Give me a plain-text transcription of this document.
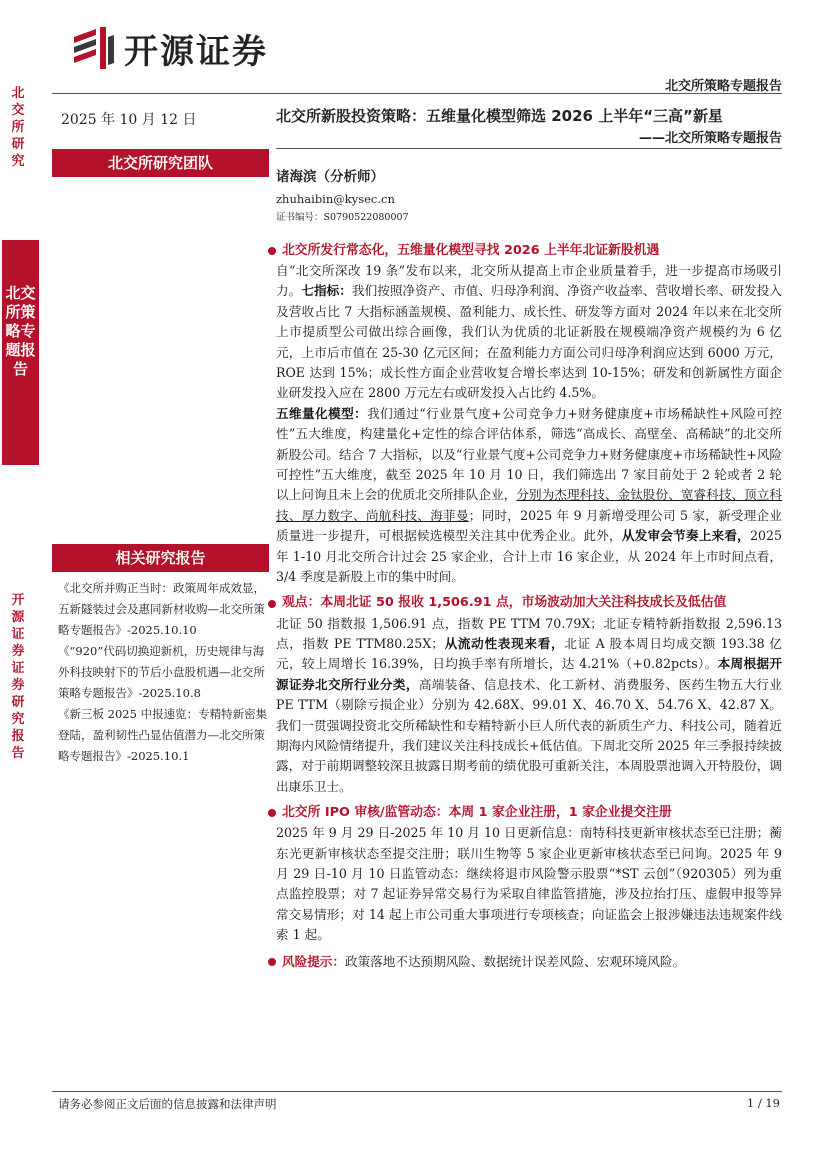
开源证券
北交所策略专题报告
北交所研究
北交所策略专题报告
开源证券 证券研究报告
2025 年 10 月 12 日
北交所研究团队
相关研究报告
《北交所并购正当时：政策周年成效显，五新隧装过会及惠同新材收购—北交所策略专题报告》-2025.10.10
《“920”代码切换迎新机，历史规律与海外科技映射下的节后小盘股机遇—北交所策略专题报告》-2025.10.8
《新三板 2025 中报速览：专精特新密集登陆，盈利韧性凸显估值潜力—北交所策略专题报告》-2025.10.1
北交所新股投资策略：五维量化模型筛选 2026 上半年“三高”新星
——北交所策略专题报告
诸海滨（分析师）
zhuhaibin@kysec.cn
证书编号：S0790522080007
北交所发行常态化，五维量化模型寻找 2026 上半年北证新股机遇

自“北交所深改 19 条”发布以来，北交所从提高上市企业质量着手，进一步提高市场吸引力。七指标：我们按照净资产、市值、归母净利润、净资产收益率、营收增长率、研发投入及营收占比 7 大指标涵盖规模、盈利能力、成长性、研发等方面对 2024 年以来在北交所上市提质型公司做出综合画像，我们认为优质的北证新股在规模端净资产规模约为 6 亿元，上市后市值在 25-30 亿元区间；在盈利能力方面公司归母净利润应达到 6000 万元，ROE 达到 15%；成长性方面企业营收复合增长率达到 10-15%；研发和创新属性方面企业研发投入应在 2800 万元左右或研发投入占比约 4.5%。

五维量化模型：我们通过“行业景气度+公司竞争力+财务健康度+市场稀缺性+风险可控性”五大维度，构建量化+定性的综合评估体系，筛选“高成长、高壁垒、高稀缺”的北交所新股公司。结合 7 大指标，以及“行业景气度+公司竞争力+财务健康度+市场稀缺性+风险可控性”五大维度，截至 2025 年 10 月 10 日，我们筛选出 7 家目前处于 2 轮或者 2 轮以上问询且未上会的优质北交所排队企业，分别为杰理科技、金钛股份、宽睿科技、顶立科技、厚力数字、尚航科技、海菲曼；同时，2025 年 9 月新增受理公司 5 家，新受理企业质量进一步提升，可根据候选模型关注其中优秀企业。此外，从发审会节奏上来看，2025 年 1-10 月北交所合计过会 25 家企业，合计上市 16 家企业，从 2024 年上市时间点看，3/4 季度是新股上市的集中时间。

观点：本周北证 50 报收 1,506.91 点，市场波动加大关注科技成长及低估值

北证 50 指数报 1,506.91 点，指数 PE TTM 70.79X；北证专精特新指数报 2,596.13 点，指数 PE TTM80.25X；从流动性表现来看，北证 A 股本周日均成交额 193.38 亿元，较上周增长 16.39%，日均换手率有所增长，达 4.21%（+0.82pcts）。本周根据开源证券北交所行业分类，高端装备、信息技术、化工新材、消费服务、医药生物五大行业 PE TTM（剔除亏损企业）分别为 42.68X、99.01 X、46.70 X、54.76 X、42.87 X。我们一贯强调投资北交所稀缺性和专精特新小巨人所代表的新质生产力、科技公司，随着近期海内风险情绪提升，我们建议关注科技成长+低估值。下周北交所 2025 年三季报持续披露，对于前期调整较深且披露日期考前的绩优股可重新关注，本周股票池调入开特股份，调出康乐卫士。

北交所 IPO 审核/监管动态：本周 1 家企业注册，1 家企业提交注册

2025 年 9 月 29 日-2025 年 10 月 10 日更新信息：南特科技更新审核状态至已注册；蘅东光更新审核状态至提交注册；联川生物等 5 家企业更新审核状态至已问询。2025 年 9 月 29 日-10 月 10 日监管动态：继续将退市风险警示股票“*ST 云创”（920305）列为重点监控股票；对 7 起证券异常交易行为采取自律监管措施，涉及拉抬打压、虚假申报等异常交易情形；对 14 起上市公司重大事项进行专项核查；向证监会上报涉嫌违法违规案件线索 1 起。

风险提示：政策落地不达预期风险、数据统计误差风险、宏观环境风险。

请务必参阅正文后面的信息披露和法律声明	1 / 19
